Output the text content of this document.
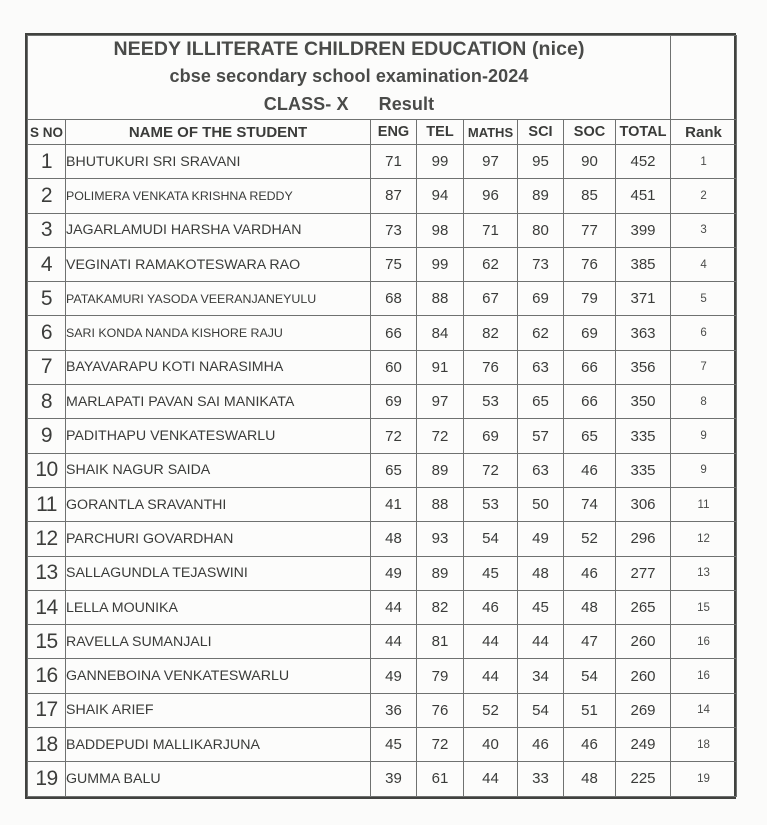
NEEDY ILLITERATE CHILDREN EDUCATION (nice)
cbse secondary school examination-2024
CLASS- X Result								

S NO	NAME OF THE STUDENT	ENG	TEL	MATHS	SCI	SOC	TOTAL	Rank
1	BHUTUKURI SRI SRAVANI	71	99	97	95	90	452	1
2	POLIMERA VENKATA KRISHNA REDDY	87	94	96	89	85	451	2
3	JAGARLAMUDI HARSHA VARDHAN	73	98	71	80	77	399	3
4	VEGINATI RAMAKOTESWARA RAO	75	99	62	73	76	385	4
5	PATAKAMURI YASODA VEERANJANEYULU	68	88	67	69	79	371	5
6	SARI KONDA NANDA KISHORE RAJU	66	84	82	62	69	363	6
7	BAYAVARAPU KOTI NARASIMHA	60	91	76	63	66	356	7
8	MARLAPATI PAVAN SAI MANIKATA	69	97	53	65	66	350	8
9	PADITHAPU VENKATESWARLU	72	72	69	57	65	335	9
10	SHAIK NAGUR SAIDA	65	89	72	63	46	335	9
11	GORANTLA SRAVANTHI	41	88	53	50	74	306	11
12	PARCHURI GOVARDHAN	48	93	54	49	52	296	12
13	SALLAGUNDLA TEJASWINI	49	89	45	48	46	277	13
14	LELLA MOUNIKA	44	82	46	45	48	265	15
15	RAVELLA SUMANJALI	44	81	44	44	47	260	16
16	GANNEBOINA VENKATESWARLU	49	79	44	34	54	260	16
17	SHAIK ARIEF	36	76	52	54	51	269	14
18	BADDEPUDI MALLIKARJUNA	45	72	40	46	46	249	18
19	GUMMA BALU	39	61	44	33	48	225	19
